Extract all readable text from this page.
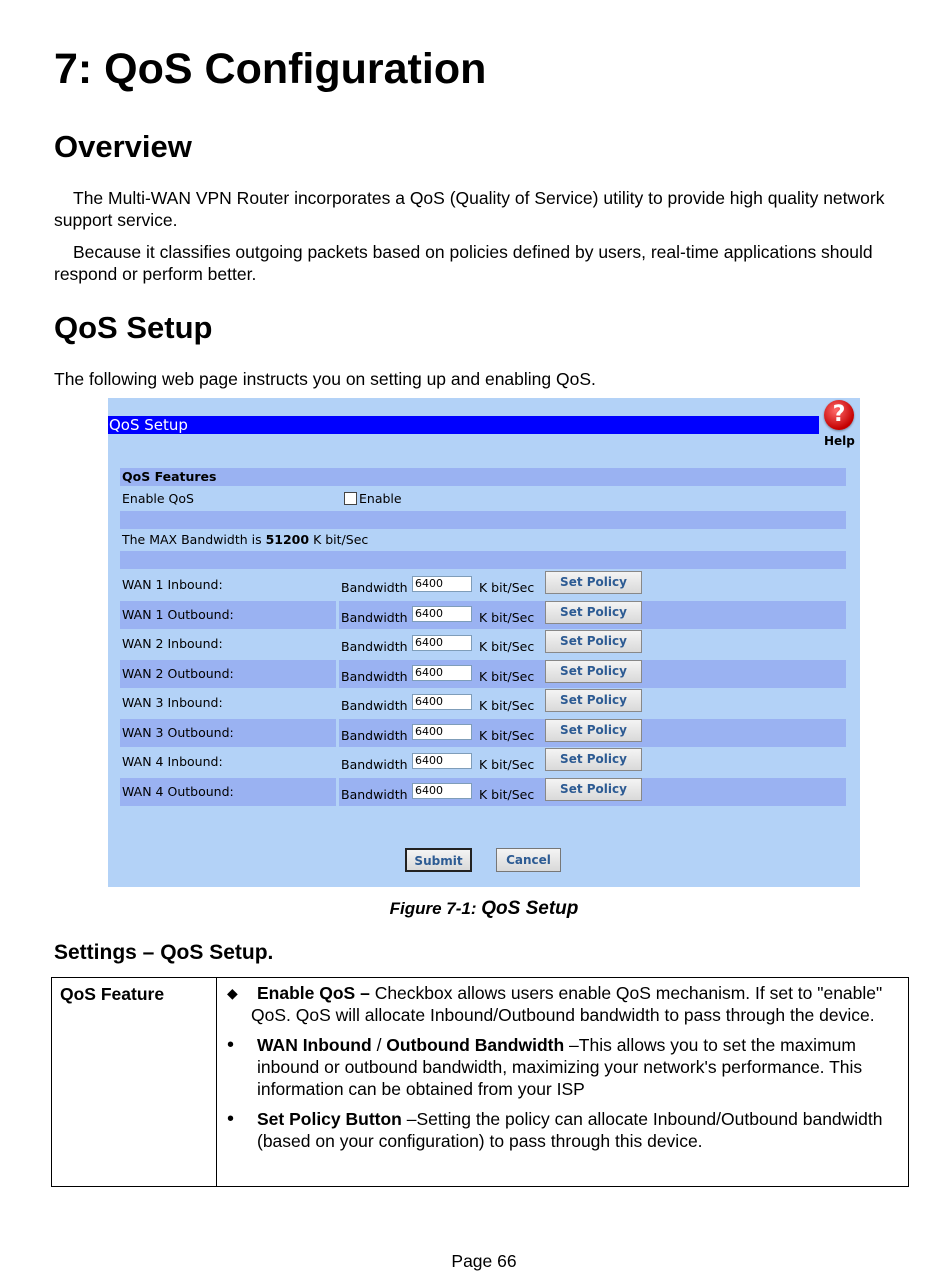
7: QoS Configuration
Overview

The Multi-WAN VPN Router incorporates a QoS (Quality of Service) utility to provide high quality network support service.

Because it classifies outgoing packets based on policies defined by users, real-time applications should respond or perform better.

QoS Setup

The following web page instructs you on setting up and enabling QoS.

QoS Setup	?
Help
QoS Features
Enable QoS	Enable
The MAX Bandwidth is 51200 K bit/Sec
WAN 1 Inbound:	Bandwidth 6400	K bit/Sec	Set Policy
WAN 1 Outbound:	Bandwidth 6400	K bit/Sec	Set Policy
WAN 2 Inbound:	Bandwidth 6400	K bit/Sec	Set Policy
WAN 2 Outbound:	Bandwidth 6400	K bit/Sec	Set Policy
WAN 3 Inbound:	Bandwidth 6400	K bit/Sec	Set Policy
WAN 3 Outbound:	Bandwidth 6400	K bit/Sec	Set Policy
WAN 4 Inbound:	Bandwidth 6400	K bit/Sec	Set Policy
WAN 4 Outbound:	Bandwidth 6400	K bit/Sec	Set Policy
Submit	Cancel
Figure 7-1: QoS Setup
Settings – QoS Setup.
QoS Feature	◆ Enable QoS – Checkbox allows users enable QoS mechanism. If set to "enable" QoS. QoS will allocate Inbound/Outbound bandwidth to pass through the device.
• WAN Inbound / Outbound Bandwidth –This allows you to set the maximum inbound or outbound bandwidth, maximizing your network's performance. This information can be obtained from your ISP
• Set Policy Button –Setting the policy can allocate Inbound/Outbound bandwidth (based on your configuration) to pass through this device.
Page 66
